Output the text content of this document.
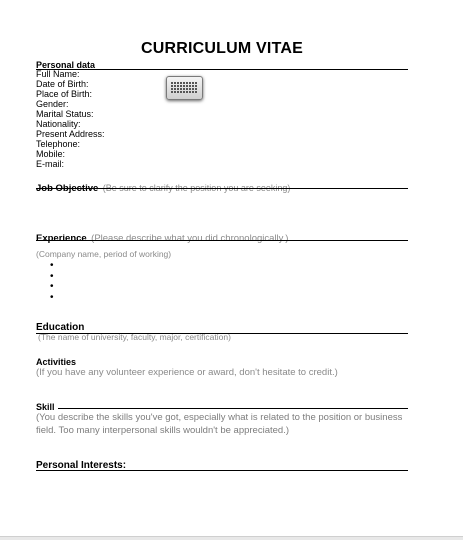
CURRICULUM VITAE
Personal data
Full Name:
Date of Birth:
Place of Birth:
Gender:
Marital Status:
Nationality:
Present Address:
Telephone:
Mobile:
E-mail:
Job Objective (Be sure to clarify the position you are seeking)
Experience (Please describe what you did chronologically.)
(Company name, period of working)
•
•
•
•
Education
(The name of university, faculty, major, certification)
Activities
(If you have any volunteer experience or award, don't hesitate to credit.)
Skill
(You describe the skills you've got, especially what is related to the position or business field. Too many interpersonal skills wouldn't be appreciated.)
Personal Interests:
